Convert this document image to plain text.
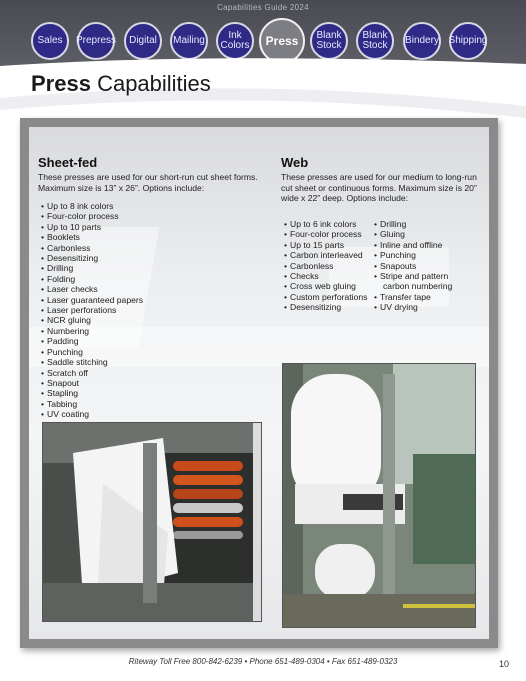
Capabilities Guide 2024
Sales	Prepress	Digital	Mailing	Ink
Colors	Press	Blank
Stock
Blank
Stock	Bindery Shipping
Press Capabilities
Sheet-fed
These presses are used for our short-run cut sheet forms. Maximum size is 13” x 26”. Options include:
• Up to 8 ink colors
• Four-color process
• Up to 10 parts
• Booklets
• Carbonless
• Desensitizing
• Drilling
• Folding
• Laser checks
• Laser guaranteed papers
• Laser perforations
• NCR gluing
• Numbering
• Padding
• Punching
• Saddle stitching
• Scratch off
• Snapout
• Stapling
• Tabbing
• UV coating
Web
These presses are used for our medium to long-run cut sheet or continuous forms. Maximum size is 20” wide x 22” deep. Options include:
• Up to 6 ink colors
• Four-color process
• Up to 15 parts
• Carbon interleaved
• Carbonless
• Checks
• Cross web gluing
• Custom perforations
• Desensitizing
• Drilling
• Gluing
• Inline and offline
• Punching
• Snapouts
• Stripe and pattern
carbon numbering
• Transfer tape
• UV drying
Riteway Toll Free 800-842-6239 • Phone 651-489-0304 • Fax 651-489-0323	10
